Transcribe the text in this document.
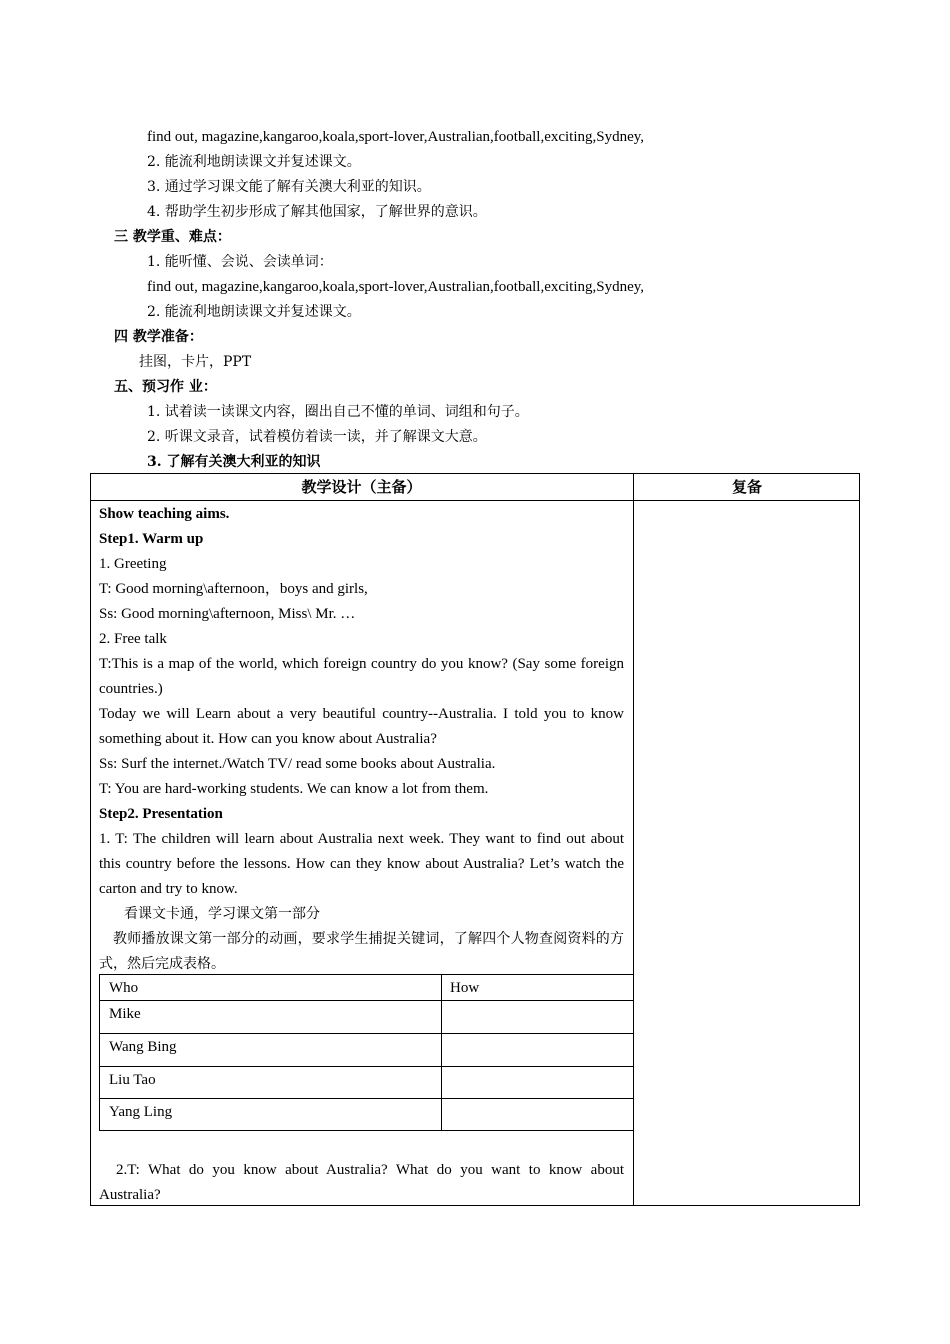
find out, magazine,kangaroo,koala,sport-lover,Australian,football,exciting,Sydney,
2. 能流利地朗读课文并复述课文。
3. 通过学习课文能了解有关澳大利亚的知识。
4. 帮助学生初步形成了解其他国家，了解世界的意识。
三 教学重、难点：
1. 能听懂、会说、会读单词：
find out, magazine,kangaroo,koala,sport-lover,Australian,football,exciting,Sydney,
2. 能流利地朗读课文并复述课文。
四 教学准备：
挂图，卡片，PPT
五、预习作 业：
1. 试着读一读课文内容，圈出自己不懂的单词、词组和句子。
2. 听课文录音，试着模仿着读一读，并了解课文大意。
3. 了解有关澳大利亚的知识
教学设计（主备）	复备
Show teaching aims.
Step1. Warm up
1. Greeting
T: Good morning\afternoon，boys and girls,
Ss: Good morning\afternoon, Miss\ Mr. …
2. Free talk
T:This is a map of the world, which foreign country do you know? (Say some foreign countries.)
Today we will Learn about a very beautiful country--Australia. I told you to know something about it. How can you know about Australia?
Ss: Surf the internet./Watch TV/ read some books about Australia.
T: You are hard-working students. We can know a lot from them.
Step2. Presentation
1. T: The children will learn about Australia next week. They want to find out about this country before the lessons. How can they know about Australia? Let’s watch the carton and try to know.
看课文卡通，学习课文第一部分
教师播放课文第一部分的动画，要求学生捕捉关键词，了解四个人物查阅资料的方式，然后完成表格。
Who	How
Mike
Wang Bing
Liu Tao
Yang Ling
2.T: What do you know about Australia? What do you want to know about Australia?
